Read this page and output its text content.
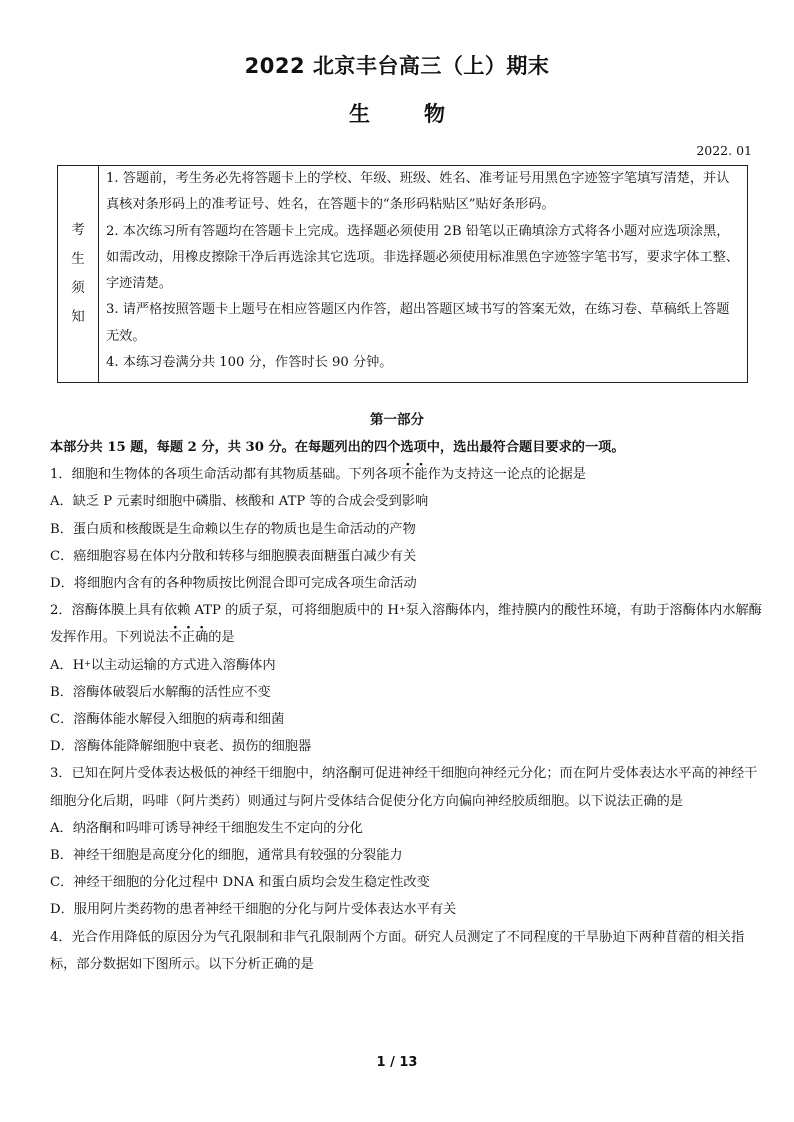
2022 北京丰台高三（上）期末
生	物
2022. 01
考
生
须
知

1. 答题前，考生务必先将答题卡上的学校、年级、班级、姓名、准考证号用黑色字迹签字笔填写清楚，并认真核对条形码上的准考证号、姓名，在答题卡的“条形码粘贴区”贴好条形码。

2. 本次练习所有答题均在答题卡上完成。选择题必须使用 2B 铅笔以正确填涂方式将各小题对应选项涂黑，如需改动，用橡皮擦除干净后再选涂其它选项。非选择题必须使用标准黑色字迹签字笔书写，要求字体工整、字迹清楚。

3. 请严格按照答题卡上题号在相应答题区内作答，超出答题区域书写的答案无效，在练习卷、草稿纸上答题无效。

4. 本练习卷满分共 100 分，作答时长 90 分钟。

第一部分

本部分共 15 题，每题 2 分，共 30 分。在每题列出的四个选项中，选出最符合题目要求的一项。

1．细胞和生物体的各项生命活动都有其物质基础。下列各项不能作为支持这一论点的论据是

A．缺乏 P 元素时细胞中磷脂、核酸和 ATP 等的合成会受到影响

B．蛋白质和核酸既是生命赖以生存的物质也是生命活动的产物

C．癌细胞容易在体内分散和转移与细胞膜表面糖蛋白减少有关

D．将细胞内含有的各种物质按比例混合即可完成各项生命活动

2．溶酶体膜上具有依赖 ATP 的质子泵，可将细胞质中的 H+泵入溶酶体内，维持膜内的酸性环境，有助于溶酶体内水解酶发挥作用。下列说法不正确的是

A．H+以主动运输的方式进入溶酶体内

B．溶酶体破裂后水解酶的活性应不变

C．溶酶体能水解侵入细胞的病毒和细菌

D．溶酶体能降解细胞中衰老、损伤的细胞器

3．已知在阿片受体表达极低的神经干细胞中，纳洛酮可促进神经干细胞向神经元分化；而在阿片受体表达水平高的神经干细胞分化后期，吗啡（阿片类药）则通过与阿片受体结合促使分化方向偏向神经胶质细胞。以下说法正确的是

A．纳洛酮和吗啡可诱导神经干细胞发生不定向的分化

B．神经干细胞是高度分化的细胞，通常具有较强的分裂能力

C．神经干细胞的分化过程中 DNA 和蛋白质均会发生稳定性改变

D．服用阿片类药物的患者神经干细胞的分化与阿片受体表达水平有关

4．光合作用降低的原因分为气孔限制和非气孔限制两个方面。研究人员测定了不同程度的干旱胁迫下两种苜蓿的相关指标，部分数据如下图所示。以下分析正确的是

1 / 13
